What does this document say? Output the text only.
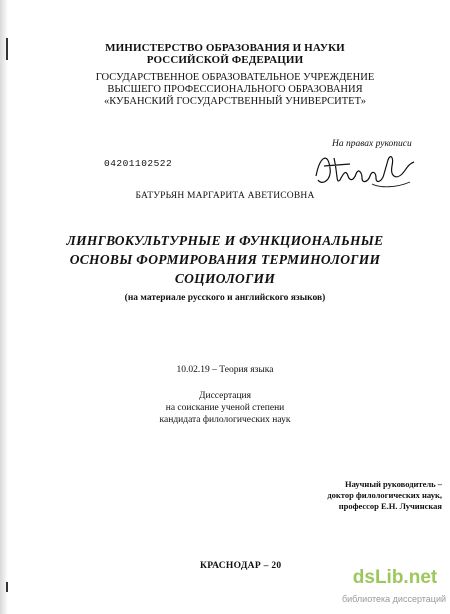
МИНИСТЕРСТВО ОБРАЗОВАНИЯ И НАУКИ
РОССИЙСКОЙ ФЕДЕРАЦИИ
ГОСУДАРСТВЕННОЕ ОБРАЗОВАТЕЛЬНОЕ УЧРЕЖДЕНИЕ
ВЫСШЕГО ПРОФЕССИОНАЛЬНОГО ОБРАЗОВАНИЯ
«КУБАНСКИЙ ГОСУДАРСТВЕННЫЙ УНИВЕРСИТЕТ»
На правах рукописи
04201102522
БАТУРЬЯН МАРГАРИТА АВЕТИСОВНА
ЛИНГВОКУЛЬТУРНЫЕ И ФУНКЦИОНАЛЬНЫЕ
ОСНОВЫ ФОРМИРОВАНИЯ ТЕРМИНОЛОГИИ
СОЦИОЛОГИИ
(на материале русского и английского языков)
10.02.19 – Теория языка
Диссертация
на соискание ученой степени
кандидата филологических наук
Научный руководитель –
доктор филологических наук,
профессор Е.Н. Лучинская
КРАСНОДАР – 20
dsLib.net
библиотека диссертаций
